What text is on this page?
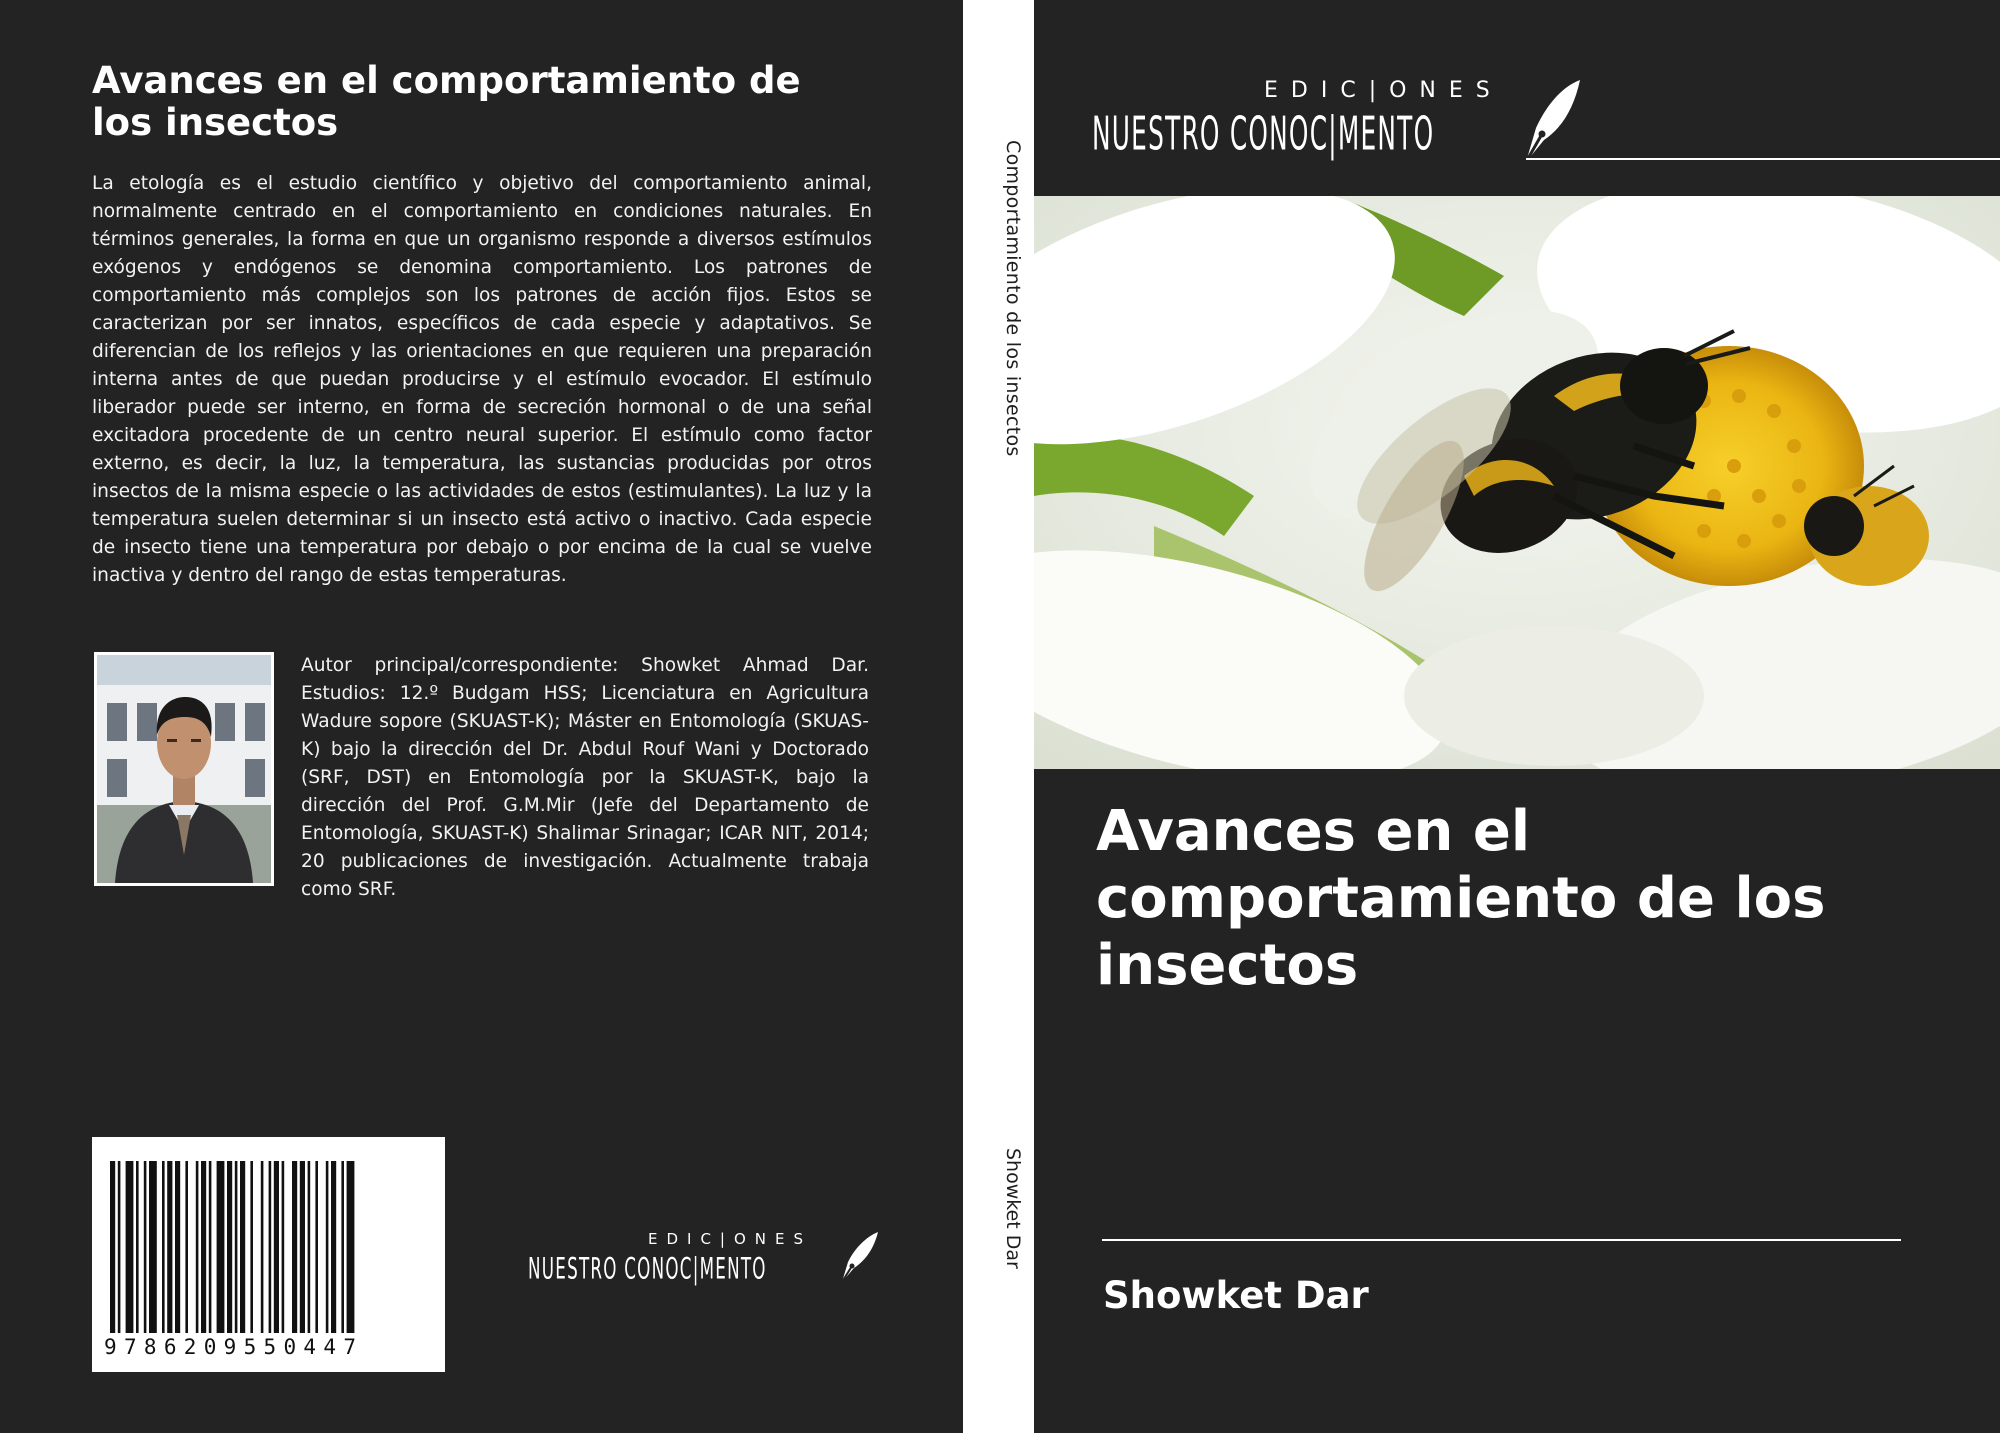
Avances en el comportamiento de los insectos

La etología es el estudio científico y objetivo del comportamiento animal, normalmente centrado en el comportamiento en condiciones naturales. En términos generales, la forma en que un organismo responde a diversos estímulos exógenos y endógenos se denomina comportamiento. Los patrones de comportamiento más complejos son los patrones de acción fijos. Estos se caracterizan por ser innatos, específicos de cada especie y adaptativos. Se diferencian de los reflejos y las orientaciones en que requieren una preparación interna antes de que puedan producirse y el estímulo evocador. El estímulo liberador puede ser interno, en forma de secreción hormonal o de una señal excitadora procedente de un centro neural superior. El estímulo como factor externo, es decir, la luz, la temperatura, las sustancias producidas por otros insectos de la misma especie o las actividades de estos (estimulantes). La luz y la temperatura suelen determinar si un insecto está activo o inactivo. Cada especie de insecto tiene una temperatura por debajo o por encima de la cual se vuelve inactiva y dentro del rango de estas temperaturas.

Autor principal/correspondiente: Showket Ahmad Dar. Estudios: 12.º Budgam HSS; Licenciatura en Agricultura Wadure sopore (SKUAST-K); Máster en Entomología (SKUAS-K) bajo la dirección del Dr. Abdul Rouf Wani y Doctorado (SRF, DST) en Entomología por la SKUAST-K, bajo la dirección del Prof. G.M.Mir (Jefe del Departamento de Entomología, SKUAST-K) Shalimar Srinagar; ICAR NIT, 2014; 20 publicaciones de investigación. Actualmente trabaja como SRF.

9786209550447
EDIC|ONES
NUESTRO CONOC|MENTO
Comportamiento de los insectos
Showket Dar
EDIC|ONES
NUESTRO CONOC|MENTO
Avances en el comportamiento de los insectos
Showket Dar
